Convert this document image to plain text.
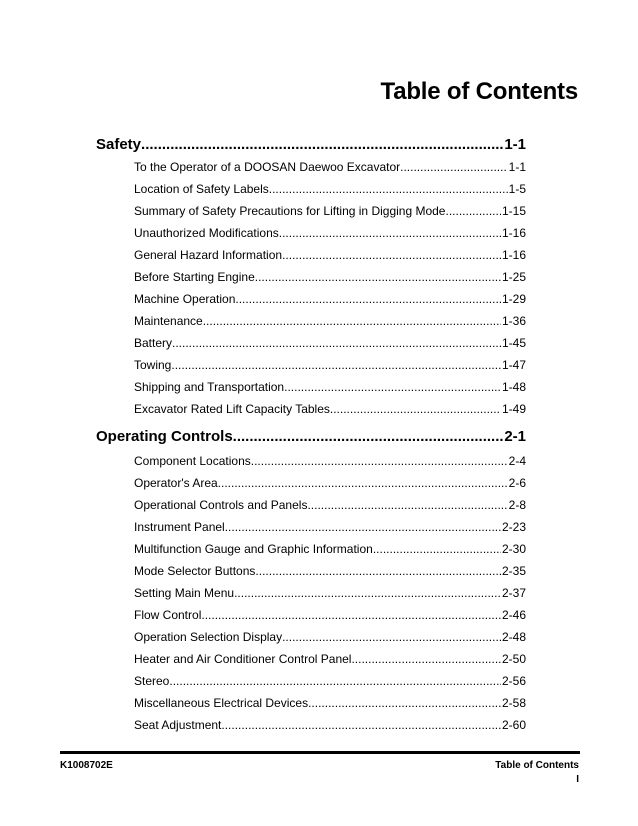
Table of Contents
Safety .....	1-1
To the Operator of a DOOSAN Daewoo Excavator .....	1-1
Location of Safety Labels .....	1-5
Summary of Safety Precautions for Lifting in Digging Mode .....	1-15
Unauthorized Modifications .....	1-16
General Hazard Information .....	1-16
Before Starting Engine .....	1-25
Machine Operation .....	1-29
Maintenance .....	1-36
Battery .....	1-45
Towing .....	1-47
Shipping and Transportation .....	1-48
Excavator Rated Lift Capacity Tables .....	1-49
Operating Controls .....	2-1
Component Locations .....	2-4
Operator's Area .....	2-6
Operational Controls and Panels .....	2-8
Instrument Panel .....	2-23
Multifunction Gauge and Graphic Information .....	2-30
Mode Selector Buttons .....	2-35
Setting Main Menu .....	2-37
Flow Control .....	2-46
Operation Selection Display .....	2-48
Heater and Air Conditioner Control Panel .....	2-50
Stereo .....	2-56
Miscellaneous Electrical Devices .....	2-58
Seat Adjustment .....	2-60
K1008702E	Table of Contents
I
